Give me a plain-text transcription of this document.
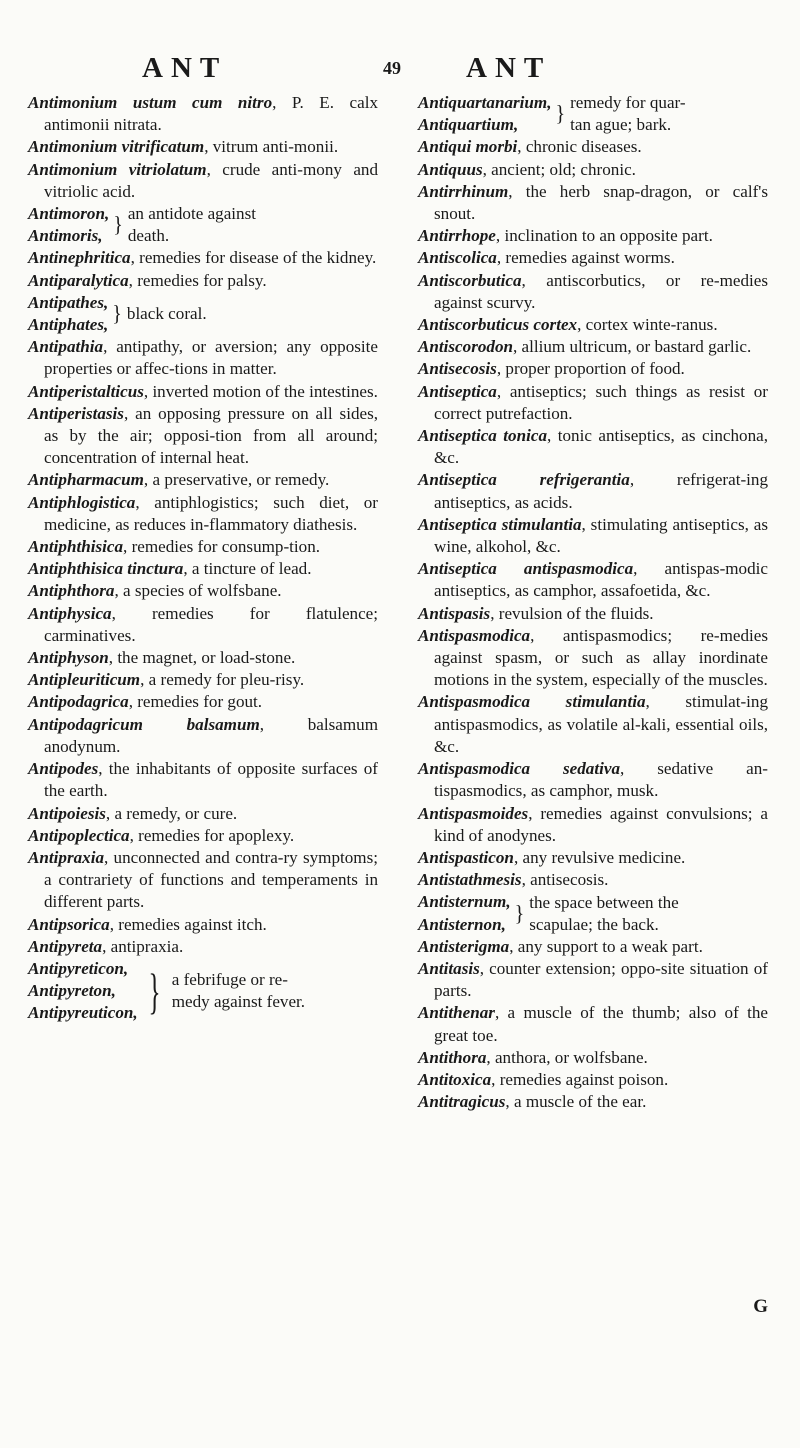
ANT	49 ANT
Antimonium ustum cum nitro, P. E. calx antimonii nitrata.
Antimonium vitrificatum, vitrum anti-monii.
Antimonium vitriolatum, crude anti-mony and vitriolic acid.
Antimoron,
Antimoris, } an antidote against
death.
Antinephritica, remedies for disease of the kidney.
Antiparalytica, remedies for palsy.
Antipathes,
Antiphates, } black coral.
Antipathia, antipathy, or aversion; any opposite properties or affec-tions in matter.
Antiperistalticus, inverted motion of the intestines.
Antiperistasis, an opposing pressure on all sides, as by the air; opposi-tion from all around; concentration of internal heat.
Antipharmacum, a preservative, or remedy.
Antiphlogistica, antiphlogistics; such diet, or medicine, as reduces in-flammatory diathesis.
Antiphthisica, remedies for consump-tion.
Antiphthisica tinctura, a tincture of lead.
Antiphthora, a species of wolfsbane.
Antiphysica, remedies for flatulence; carminatives.
Antiphyson, the magnet, or load-stone.
Antipleuriticum, a remedy for pleu-risy.
Antipodagrica, remedies for gout.
Antipodagricum balsamum, balsamum anodynum.
Antipodes, the inhabitants of opposite surfaces of the earth.
Antipoiesis, a remedy, or cure.
Antipoplectica, remedies for apoplexy.
Antipraxia, unconnected and contra-ry symptoms; a contrariety of functions and temperaments in different parts.
Antipsorica, remedies against itch.
Antipyreta, antipraxia.
Antipyreticon,
Antipyreton,
Antipyreuticon, } a febrifuge or re-
medy against fever.
Antiquartanarium,
Antiquartium,	} remedy for quar-
tan ague; bark.
Antiqui morbi, chronic diseases.
Antiquus, ancient; old; chronic.
Antirrhinum, the herb snap-dragon, or calf's snout.
Antirrhope, inclination to an opposite part.
Antiscolica, remedies against worms.
Antiscorbutica, antiscorbutics, or re-medies against scurvy.
Antiscorbuticus cortex, cortex winte-ranus.
Antiscorodon, allium ultricum, or bastard garlic.
Antisecosis, proper proportion of food.
Antiseptica, antiseptics; such things as resist or correct putrefaction.
Antiseptica tonica, tonic antiseptics, as cinchona, &c.
Antiseptica refrigerantia, refrigerat-ing antiseptics, as acids.
Antiseptica stimulantia, stimulating antiseptics, as wine, alkohol, &c.
Antiseptica antispasmodica, antispas-modic antiseptics, as camphor, assafoetida, &c.
Antispasis, revulsion of the fluids.
Antispasmodica, antispasmodics; re-medies against spasm, or such as allay inordinate motions in the system, especially of the muscles.
Antispasmodica stimulantia, stimulat-ing antispasmodics, as volatile al-kali, essential oils, &c.
Antispasmodica sedativa, sedative an-tispasmodics, as camphor, musk.
Antispasmoides, remedies against convulsions; a kind of anodynes.
Antispasticon, any revulsive medicine.
Antistathmesis, antisecosis.
Antisternum,
Antisternon, } the space between the
scapulae; the back.
Antisterigma, any support to a weak part.
Antitasis, counter extension; oppo-site situation of parts.
Antithenar, a muscle of the thumb; also of the great toe.
Antithora, anthora, or wolfsbane.
Antitoxica, remedies against poison.
Antitragicus, a muscle of the ear.
G
